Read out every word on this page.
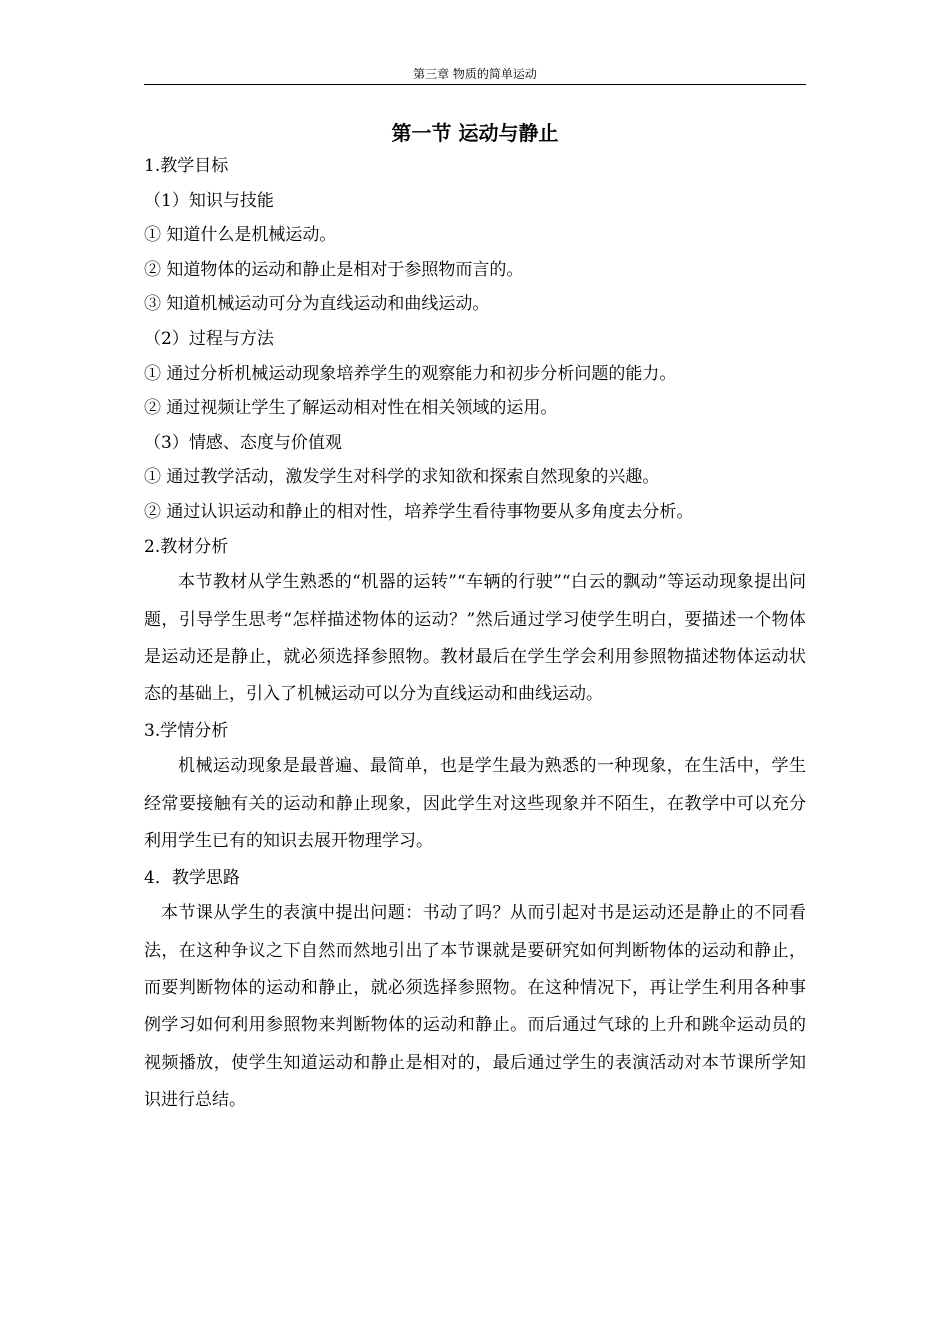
第三章 物质的简单运动
第一节 运动与静止

1.教学目标

（1）知识与技能

① 知道什么是机械运动。

② 知道物体的运动和静止是相对于参照物而言的。

③ 知道机械运动可分为直线运动和曲线运动。

（2）过程与方法

① 通过分析机械运动现象培养学生的观察能力和初步分析问题的能力。

② 通过视频让学生了解运动相对性在相关领域的运用。

（3）情感、态度与价值观

① 通过教学活动，激发学生对科学的求知欲和探索自然现象的兴趣。

② 通过认识运动和静止的相对性，培养学生看待事物要从多角度去分析。

2.教材分析

本节教材从学生熟悉的“机器的运转”“车辆的行驶”“白云的飘动”等运动现象提出问题，引导学生思考“怎样描述物体的运动？”然后通过学习使学生明白，要描述一个物体是运动还是静止，就必须选择参照物。教材最后在学生学会利用参照物描述物体运动状态的基础上，引入了机械运动可以分为直线运动和曲线运动。

3.学情分析

机械运动现象是最普遍、最简单，也是学生最为熟悉的一种现象，在生活中，学生经常要接触有关的运动和静止现象，因此学生对这些现象并不陌生，在教学中可以充分利用学生已有的知识去展开物理学习。

4．教学思路

本节课从学生的表演中提出问题：书动了吗？从而引起对书是运动还是静止的不同看法，在这种争议之下自然而然地引出了本节课就是要研究如何判断物体的运动和静止，而要判断物体的运动和静止，就必须选择参照物。在这种情况下，再让学生利用各种事例学习如何利用参照物来判断物体的运动和静止。而后通过气球的上升和跳伞运动员的视频播放，使学生知道运动和静止是相对的，最后通过学生的表演活动对本节课所学知识进行总结。
